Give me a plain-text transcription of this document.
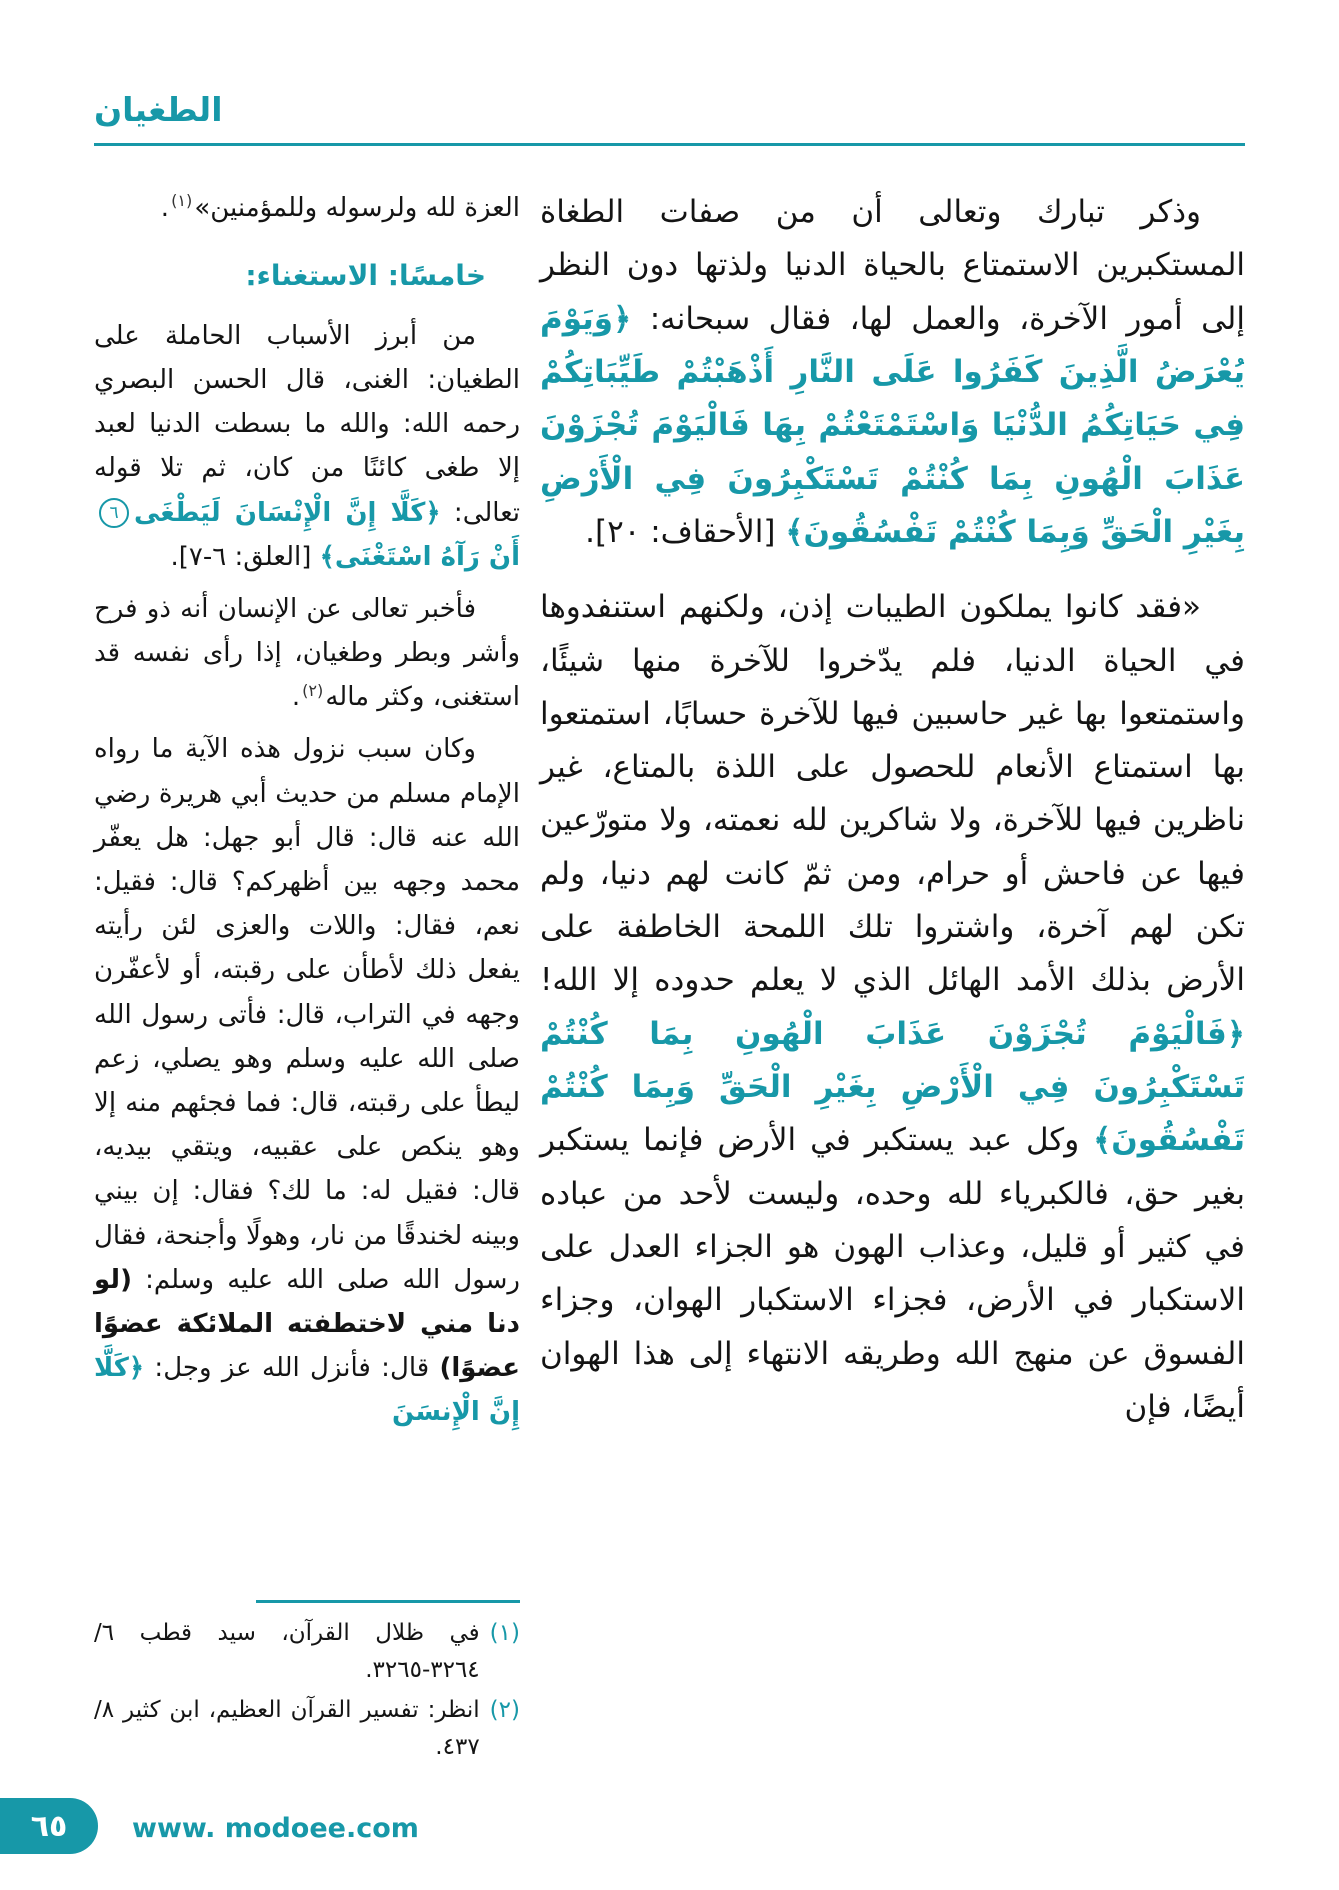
الطغيان

وذكر تبارك وتعالى أن من صفات الطغاة المستكبرين الاستمتاع بالحياة الدنيا ولذتها دون النظر إلى أمور الآخرة، والعمل لها، فقال سبحانه: ﴿وَيَوْمَ يُعْرَضُ الَّذِينَ كَفَرُوا عَلَى النَّارِ أَذْهَبْتُمْ طَيِّبَاتِكُمْ فِي حَيَاتِكُمُ الدُّنْيَا وَاسْتَمْتَعْتُمْ بِهَا فَالْيَوْمَ تُجْزَوْنَ عَذَابَ الْهُونِ بِمَا كُنْتُمْ تَسْتَكْبِرُونَ فِي الْأَرْضِ بِغَيْرِ الْحَقِّ وَبِمَا كُنْتُمْ تَفْسُقُونَ﴾ [الأحقاف: ٢٠].

«فقد كانوا يملكون الطيبات إذن، ولكنهم استنفدوها في الحياة الدنيا، فلم يدّخروا للآخرة منها شيئًا، واستمتعوا بها غير حاسبين فيها للآخرة حسابًا، استمتعوا بها استمتاع الأنعام للحصول على اللذة بالمتاع، غير ناظرين فيها للآخرة، ولا شاكرين لله نعمته، ولا متورّعين فيها عن فاحش أو حرام، ومن ثمّ كانت لهم دنيا، ولم تكن لهم آخرة، واشتروا تلك اللمحة الخاطفة على الأرض بذلك الأمد الهائل الذي لا يعلم حدوده إلا الله! ﴿فَالْيَوْمَ تُجْزَوْنَ عَذَابَ الْهُونِ بِمَا كُنْتُمْ تَسْتَكْبِرُونَ فِي الْأَرْضِ بِغَيْرِ الْحَقِّ وَبِمَا كُنْتُمْ تَفْسُقُونَ﴾ وكل عبد يستكبر في الأرض فإنما يستكبر بغير حق، فالكبرياء لله وحده، وليست لأحد من عباده في كثير أو قليل، وعذاب الهون هو الجزاء العدل على الاستكبار في الأرض، فجزاء الاستكبار الهوان، وجزاء الفسوق عن منهج الله وطريقه الانتهاء إلى هذا الهوان أيضًا، فإن

العزة لله ولرسوله وللمؤمنين»$^{(١)}$.

خامسًا: الاستغناء:

من أبرز الأسباب الحاملة على الطغيان: الغنى، قال الحسن البصري رحمه الله: والله ما بسطت الدنيا لعبد إلا طغى كائنًا من كان، ثم تلا قوله تعالى: ﴿كَلَّا إِنَّ الْإِنْسَانَ لَيَطْغَى٦أَنْ رَآهُ اسْتَغْنَى﴾ [العلق: ٦-٧].

فأخبر تعالى عن الإنسان أنه ذو فرح وأشر وبطر وطغيان، إذا رأى نفسه قد استغنى، وكثر ماله$^{(٢)}$.

وكان سبب نزول هذه الآية ما رواه الإمام مسلم من حديث أبي هريرة رضي الله عنه قال: قال أبو جهل: هل يعفّر محمد وجهه بين أظهركم؟ قال: فقيل: نعم، فقال: واللات والعزى لئن رأيته يفعل ذلك لأطأن على رقبته، أو لأعفّرن وجهه في التراب، قال: فأتى رسول الله صلى الله عليه وسلم وهو يصلي، زعم ليطأ على رقبته، قال: فما فجئهم منه إلا وهو ينكص على عقبيه، ويتقي بيديه، قال: فقيل له: ما لك؟ فقال: إن بيني وبينه لخندقًا من نار، وهولًا وأجنحة، فقال رسول الله صلى الله عليه وسلم: (لو دنا مني لاختطفته الملائكة عضوًا عضوًا) قال: فأنزل الله عز وجل: ﴿كَلَّا إِنَّ الْإِنسَنَ

(١)
في ظلال القرآن، سيد قطب ٦/ ٣٢٦٤-٣٢٦٥.
(٢)
انظر: تفسير القرآن العظيم، ابن كثير ٨/ ٤٣٧.
٦٥ www. modoee.com
